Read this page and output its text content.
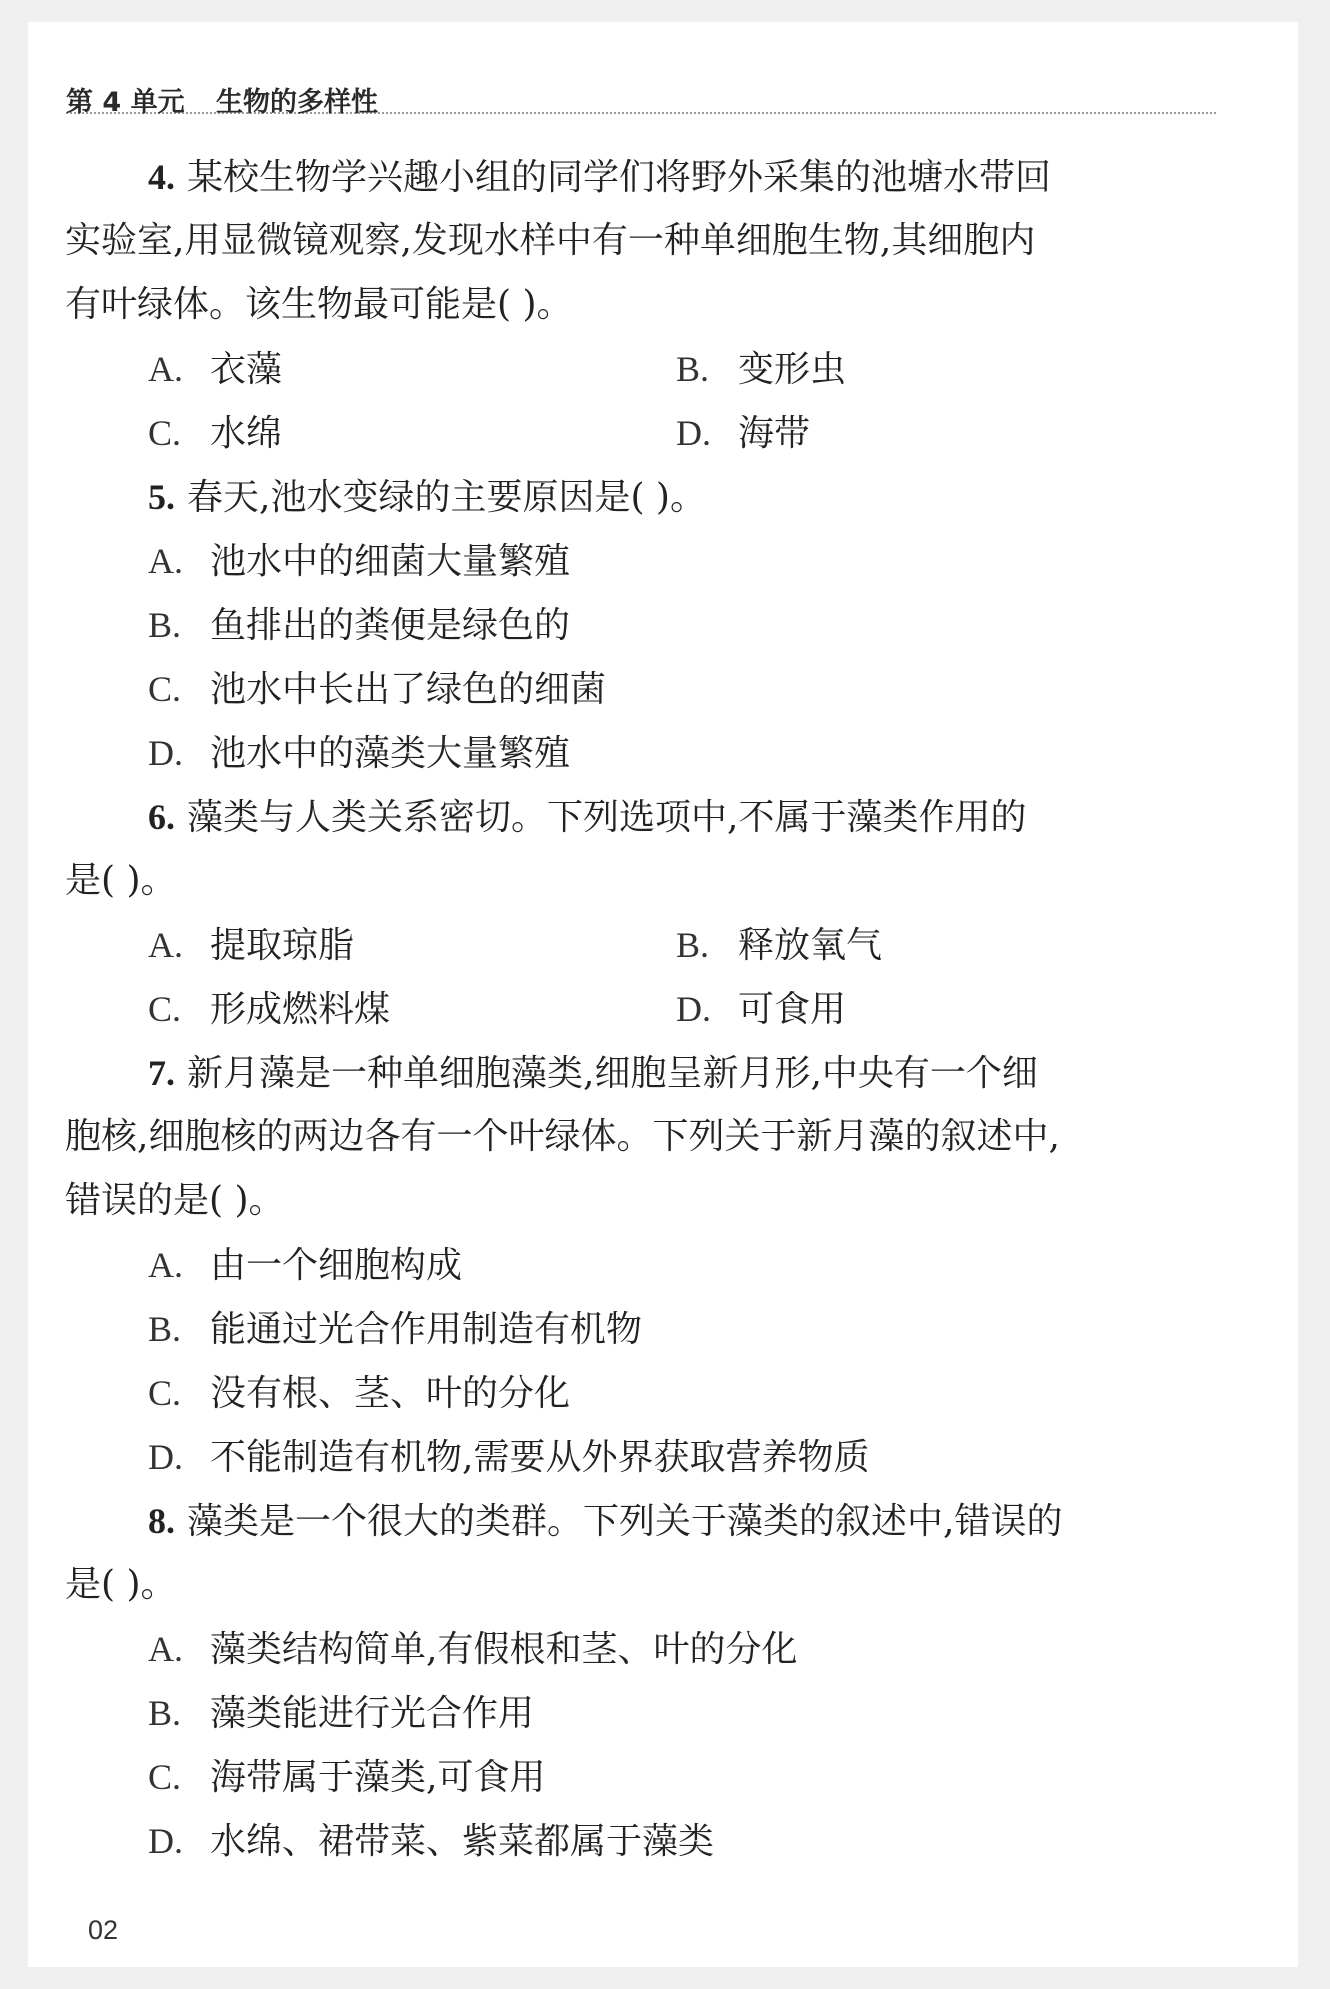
第 4 单元 生物的多样性
4. 某校生物学兴趣小组的同学们将野外采集的池塘水带回
实验室,用显微镜观察,发现水样中有一种单细胞生物,其细胞内
有叶绿体。该生物最可能是( )。
A. 衣藻	B. 变形虫
C. 水绵	D. 海带
5. 春天,池水变绿的主要原因是( )。
A. 池水中的细菌大量繁殖
B. 鱼排出的粪便是绿色的
C. 池水中长出了绿色的细菌
D. 池水中的藻类大量繁殖
6. 藻类与人类关系密切。下列选项中,不属于藻类作用的
是( )。
A. 提取琼脂	B. 释放氧气
C. 形成燃料煤	D. 可食用
7. 新月藻是一种单细胞藻类,细胞呈新月形,中央有一个细
胞核,细胞核的两边各有一个叶绿体。下列关于新月藻的叙述中,
错误的是( )。
A. 由一个细胞构成
B. 能通过光合作用制造有机物
C. 没有根、茎、叶的分化
D. 不能制造有机物,需要从外界获取营养物质
8. 藻类是一个很大的类群。下列关于藻类的叙述中,错误的
是( )。
A. 藻类结构简单,有假根和茎、叶的分化
B. 藻类能进行光合作用
C. 海带属于藻类,可食用
D. 水绵、裙带菜、紫菜都属于藻类
02
